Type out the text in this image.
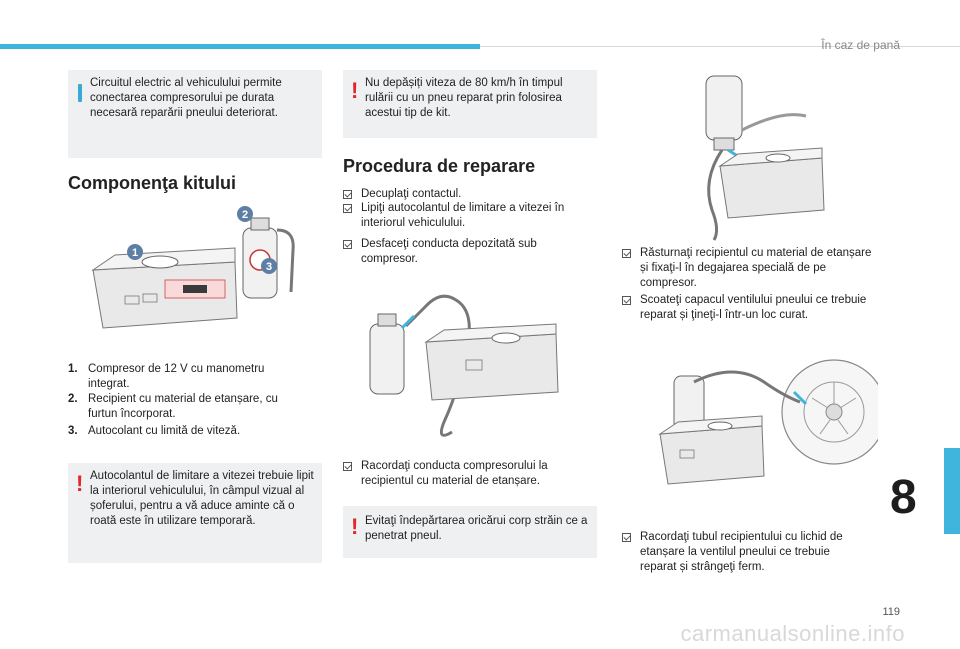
În caz de pană
Circuitul electric al vehiculului permite conectarea compresorului pe durata necesară reparării pneului deteriorat.
Componenţa kitului
1
2
3
1. Compresor de 12 V cu manometru integrat.
2. Recipient cu material de etanșare, cu furtun încorporat.
3. Autocolant cu limită de viteză.
! Autocolantul de limitare a vitezei trebuie lipit la interiorul vehiculului, în câmpul vizual al șoferului, pentru a vă aduce aminte că o roată este în utilizare temporară.
! Nu depășiți viteza de 80 km/h în timpul rulării cu un pneu reparat prin folosirea acestui tip de kit.
Procedura de reparare
Decuplaţi contactul.
Lipiţi autocolantul de limitare a vitezei în interiorul vehiculului.
Desfaceţi conducta depozitată sub compresor.
Racordaţi conducta compresorului la recipientul cu material de etanșare.
! Evitaţi îndepărtarea oricărui corp străin ce a penetrat pneul.
Răsturnaţi recipientul cu material de etanșare și fixaţi-l în degajarea specială de pe compresor.
Scoateţi capacul ventilului pneului ce trebuie reparat și ţineţi-l într-un loc curat.
Racordaţi tubul recipientului cu lichid de etanșare la ventilul pneului ce trebuie reparat și strângeţi ferm.
8
119
carmanualsonline.info
